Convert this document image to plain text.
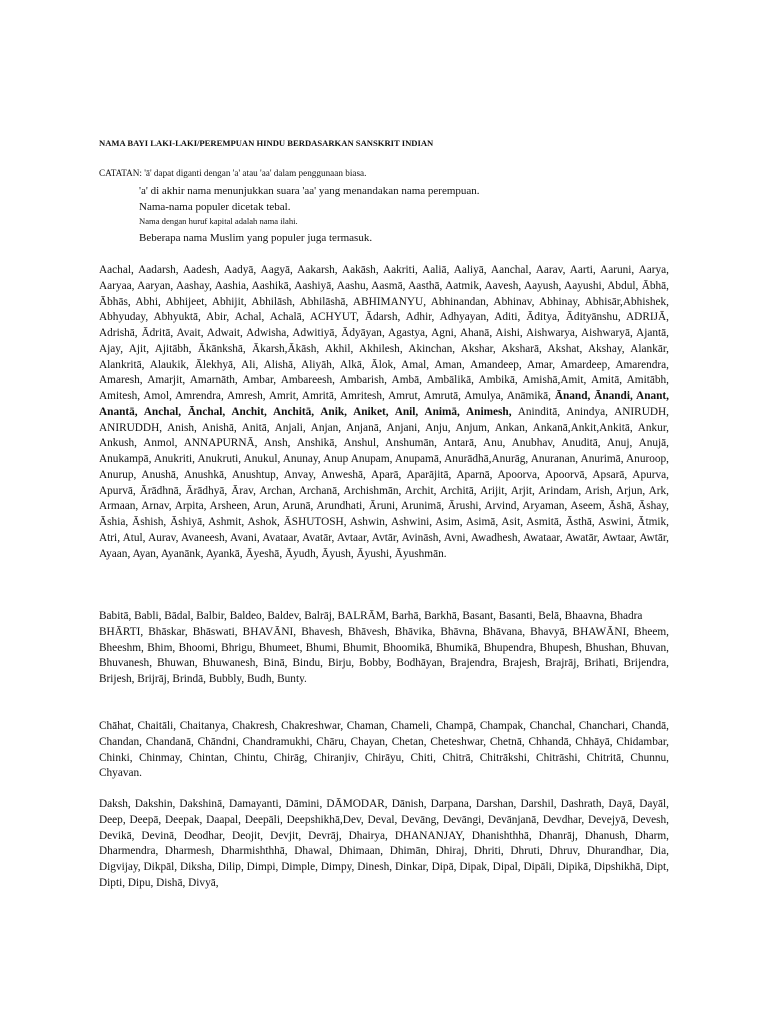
NAMA BAYI LAKI-LAKI/PEREMPUAN HINDU BERDASARKAN SANSKRIT INDIAN
CATATAN: 'ā' dapat diganti dengan 'a' atau 'aa' dalam penggunaan biasa.
'a' di akhir nama menunjukkan suara 'aa' yang menandakan nama perempuan.
Nama-nama populer dicetak tebal.
Nama dengan huruf kapital adalah nama ilahi.
Beberapa nama Muslim yang populer juga termasuk.
Aachal, Aadarsh, Aadesh, Aadyā, Aagyā, Aakarsh, Aakāsh, Aakriti, Aaliā, Aaliyā, Aanchal, Aarav, Aarti, Aaruni, Aarya, Aaryaa, Aaryan, Aashay, Aashia, Aashikā, Aashiyā, Aashu, Aasmā, Aasthā, Aatmik, Aavesh, Aayush, Aayushi, Abdul, Ābhā, Ābhās, Abhi, Abhijeet, Abhijit, Abhilāsh, Abhilāshā, ABHIMANYU, Abhinandan, Abhinav, Abhinay, Abhisār,Abhishek, Abhyuday, Abhyuktā, Abir, Achal, Achalā, ACHYUT, Ādarsh, Adhir, Adhyayan, Aditi, Āditya, Ādityānshu, ADRIJĀ, Adrishā, Ādritā, Avait, Adwait, Adwisha, Adwitiyā, Ādyāyan, Agastya, Agni, Ahanā, Aishi, Aishwarya, Aishwaryā, Ajantā, Ajay, Ajit, Ajitābh, Ākānkshā, Ākarsh,Ākāsh, Akhil, Akhilesh, Akinchan, Akshar, Aksharā, Akshat, Akshay, Alankār, Alankritā, Alaukik, Ālekhyā, Ali, Alishā, Aliyāh, Alkā, Ālok, Amal, Aman, Amandeep, Amar, Amardeep, Amarendra, Amaresh, Amarjit, Amarnāth, Ambar, Ambareesh, Ambarish, Ambā, Ambālikā, Ambikā, Amishā,Amit, Amitā, Amitābh, Amitesh, Amol, Amrendra, Amresh, Amrit, Amritā, Amritesh, Amrut, Amrutā, Amulya, Anāmikā, Ānand, Ānandi, Anant, Anantā, Anchal, Ānchal, Anchit, Anchitā, Anik, Aniket, Anil, Animā, Animesh, Aninditā, Anindya, ANIRUDH, ANIRUDDH, Anish, Anishā, Anitā, Anjali, Anjan, Anjanā, Anjani, Anju, Anjum, Ankan, Ankanā,Ankit,Ankitā, Ankur, Ankush, Anmol, ANNAPURNĀ, Ansh, Anshikā, Anshul, Anshumān, Antarā, Anu, Anubhav, Anuditā, Anuj, Anujā, Anukampā, Anukriti, Anukruti, Anukul, Anunay, Anup Anupam, Anupamā, Anurādhā,Anurāg, Anuranan, Anurimā, Anuroop, Anurup, Anushā, Anushkā, Anushtup, Anvay, Anweshā, Aparā, Aparājitā, Aparnā, Apoorva, Apoorvā, Apsarā, Apurva, Apurvā, Ārādhnā, Ārādhyā, Ārav, Archan, Archanā, Archishmān, Archit, Architā, Arijit, Arjit, Arindam, Arish, Arjun, Ark, Armaan, Arnav, Arpita, Arsheen, Arun, Arunā, Arundhati, Āruni, Arunimā, Ārushi, Arvind, Aryaman, Aseem, Āshā, Āshay, Āshia, Āshish, Āshiyā, Ashmit, Ashok, ĀSHUTOSH, Ashwin, Ashwini, Asim, Asimā, Asit, Asmitā, Āsthā, Aswini, Ātmik, Atri, Atul, Aurav, Avaneesh, Avani, Avataar, Avatār, Avtaar, Avtār, Avināsh, Avni, Awadhesh, Awataar, Awatār, Awtaar, Awtār, Ayaan, Ayan, Ayanānk, Ayankā, Āyeshā, Āyudh, Āyush, Āyushi, Āyushmān.
Babitā, Babli, Bādal, Balbir, Baldeo, Baldev, Balrāj, BALRĀM, Barhā, Barkhā, Basant, Basanti, Belā, Bhaavna, Bhadra
BHĀRTI, Bhāskar, Bhāswati, BHAVĀNI, Bhavesh, Bhāvesh, Bhāvika, Bhāvna, Bhāvana, Bhavyā, BHAWĀNI, Bheem, Bheeshm, Bhim, Bhoomi, Bhrigu, Bhumeet, Bhumi, Bhumit, Bhoomikā, Bhumikā, Bhupendra, Bhupesh, Bhushan, Bhuvan, Bhuvanesh, Bhuwan, Bhuwanesh, Binā, Bindu, Birju, Bobby, Bodhāyan, Brajendra, Brajesh, Brajrāj, Brihati, Brijendra, Brijesh, Brijrāj, Brindā, Bubbly, Budh, Bunty.
Chāhat, Chaitāli, Chaitanya, Chakresh, Chakreshwar, Chaman, Chameli, Champā, Champak, Chanchal, Chanchari, Chandā, Chandan, Chandanā, Chāndni, Chandramukhi, Chāru, Chayan, Chetan, Cheteshwar, Chetnā, Chhandā, Chhāyā, Chidambar, Chinki, Chinmay, Chintan, Chintu, Chirāg, Chiranjiv, Chirāyu, Chiti, Chitrā, Chitrākshi, Chitrāshi, Chitritā, Chunnu, Chyavan.
Daksh, Dakshin, Dakshinā, Damayanti, Dāmini, DĀMODAR, Dānish, Darpana, Darshan, Darshil, Dashrath, Dayā, Dayāl, Deep, Deepā, Deepak, Daapal, Deepāli, Deepshikhā,Dev, Deval, Devāng, Devāngi, Devānjanā, Devdhar, Devejyā, Devesh, Devikā, Devinā, Deodhar, Deojit, Devjit, Devrāj, Dhairya, DHANANJAY, Dhanishthhā, Dhanrāj, Dhanush, Dharm, Dharmendra, Dharmesh, Dharmishthhā, Dhawal, Dhimaan, Dhimān, Dhiraj, Dhriti, Dhruti, Dhruv, Dhurandhar, Dia, Digvijay, Dikpāl, Diksha, Dilip, Dimpi, Dimple, Dimpy, Dinesh, Dinkar, Dipā, Dipak, Dipal, Dipāli, Dipikā, Dipshikhā, Dipt, Dipti, Dipu, Dishā, Divyā,
